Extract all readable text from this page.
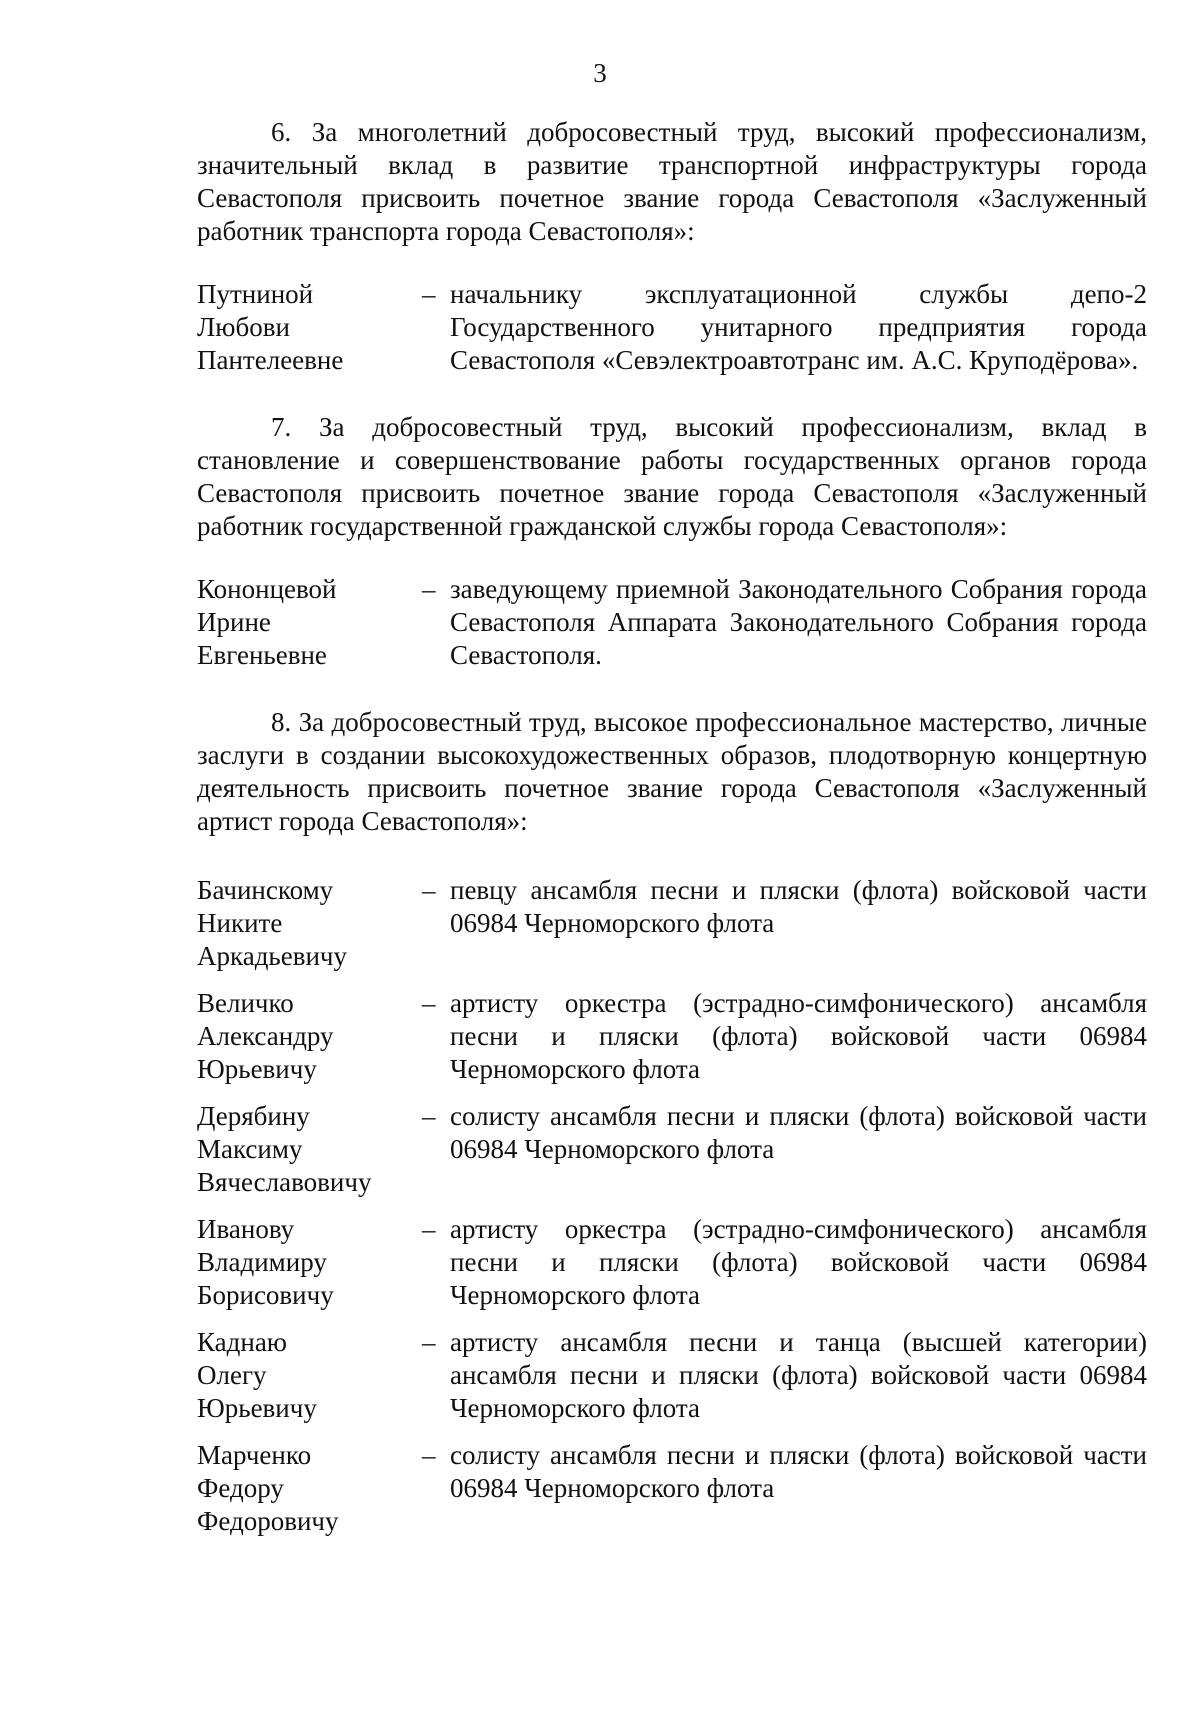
3

6. За многолетний добросовестный труд, высокий профессионализм, значительный вклад в развитие транспортной инфраструктуры города Севастополя присвоить почетное звание города Севастополя «Заслуженный работник транспорта города Севастополя»:

Путниной
Любови
Пантелеевне
– начальнику эксплуатационной службы депо-2 Государственного унитарного предприятия города Севастополя «Севэлектроавтотранс им. А.С. Круподёрова».

7. За добросовестный труд, высокий профессионализм, вклад в становление и совершенствование работы государственных органов города Севастополя присвоить почетное звание города Севастополя «Заслуженный работник государственной гражданской службы города Севастополя»:

Кононцевой
Ирине
Евгеньевне
– заведующему приемной Законодательного Собрания города Севастополя Аппарата Законодательного Собрания города Севастополя.

8. За добросовестный труд, высокое профессиональное мастерство, личные заслуги в создании высокохудожественных образов, плодотворную концертную деятельность присвоить почетное звание города Севастополя «Заслуженный артист города Севастополя»:

Бачинскому
Никите
Аркадьевичу
– певцу ансамбля песни и пляски (флота) войсковой части 06984 Черноморского флота
Величко
Александру
Юрьевичу
– артисту оркестра (эстрадно-симфонического) ансамбля песни и пляски (флота) войсковой части 06984 Черноморского флота
Дерябину
Максиму
Вячеславовичу
– солисту ансамбля песни и пляски (флота) войсковой части 06984 Черноморского флота
Иванову
Владимиру
Борисовичу
– артисту оркестра (эстрадно-симфонического) ансамбля песни и пляски (флота) войсковой части 06984 Черноморского флота
Каднаю
Олегу
Юрьевичу
– артисту ансамбля песни и танца (высшей категории) ансамбля песни и пляски (флота) войсковой части 06984 Черноморского флота
Марченко
Федору
Федоровичу
– солисту ансамбля песни и пляски (флота) войсковой части 06984 Черноморского флота
